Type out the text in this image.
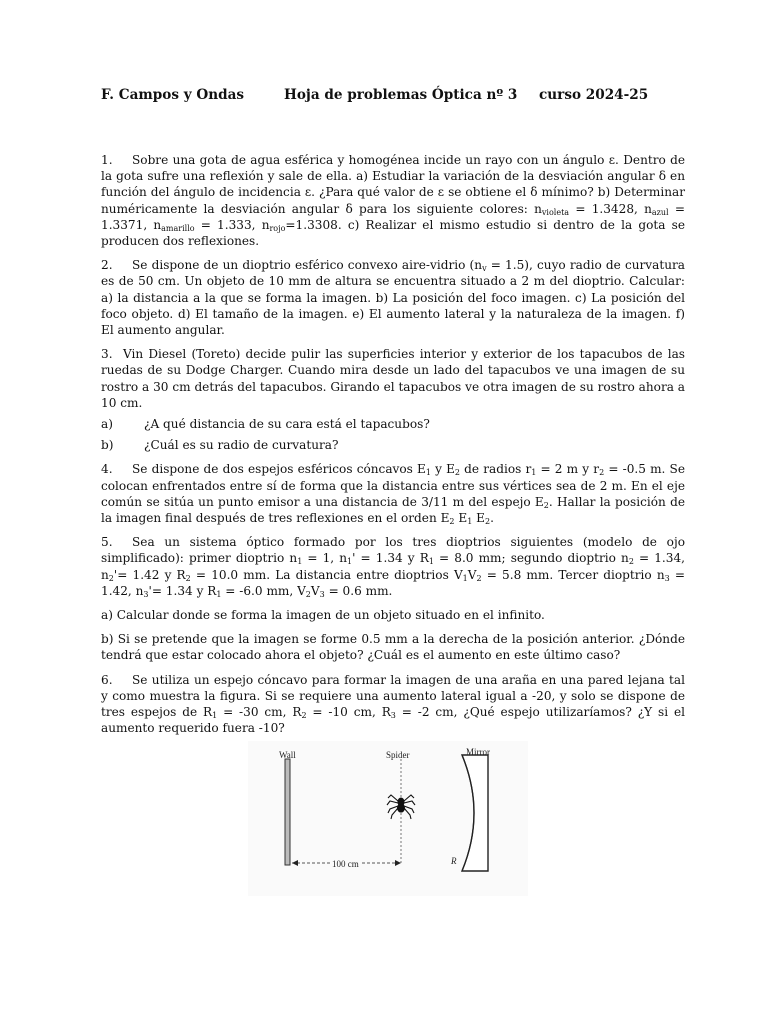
F. Campos y Ondas	Hoja de problemas Óptica nº 3 curso 2024-25

1. Sobre una gota de agua esférica y homogénea incide un rayo con un ángulo ε. Dentro de la gota sufre una reflexión y sale de ella. a) Estudiar la variación de la desviación angular δ en función del ángulo de incidencia ε. ¿Para qué valor de ε se obtiene el δ mínimo? b) Determinar numéricamente la desviación angular δ para los siguiente colores: $n_{violeta} = 1.3428$, $n_{azul} = 1.3371$, $n_{amarillo} = 1.333$, $n_{rojo}=1.3308$. c) Realizar el mismo estudio si dentro de la gota se producen dos reflexiones.

2. Se dispone de un dioptrio esférico convexo aire-vidrio $(n_v = 1.5)$, cuyo radio de curvatura es de 50 cm. Un objeto de 10 mm de altura se encuentra situado a 2 m del dioptrio. Calcular: a) la distancia a la que se forma la imagen. b) La posición del foco imagen. c) La posición del foco objeto. d) El tamaño de la imagen. e) El aumento lateral y la naturaleza de la imagen. f) El aumento angular.

3. Vin Diesel (Toreto) decide pulir las superficies interior y exterior de los tapacubos de las ruedas de su Dodge Charger. Cuando mira desde un lado del tapacubos ve una imagen de su rostro a 30 cm detrás del tapacubos. Girando el tapacubos ve otra imagen de su rostro ahora a 10 cm.

a)	¿A qué distancia de su cara está el tapacubos?
b)	¿Cuál es su radio de curvatura?

4. Se dispone de dos espejos esféricos cóncavos $E_1$ y $E_2$ de radios $r_1 = 2$ m y $r_2 = -0.5$ m. Se colocan enfrentados entre sí de forma que la distancia entre sus vértices sea de 2 m. En el eje común se sitúa un punto emisor a una distancia de 3/11 m del espejo $E_2$. Hallar la posición de la imagen final después de tres reflexiones en el orden $E_2$ $E_1$ $E_2$.

5. Sea un sistema óptico formado por los tres dioptrios siguientes (modelo de ojo simplificado): primer dioptrio $n_1 = 1$, $n_1' = 1.34$ y $R_1 = 8.0$ mm; segundo dioptrio $n_2 = 1.34$, $n_2'= 1.42$ y $R_2 = 10.0$ mm. La distancia entre dioptrios $V_1V_2 = 5.8$ mm. Tercer dioptrio $n_3 = 1.42$, $n_3'= 1.34$ y $R_1 = -6.0$ mm, $V_2V_3 = 0.6$ mm.

a) Calcular donde se forma la imagen de un objeto situado en el infinito.

b) Si se pretende que la imagen se forme 0.5 mm a la derecha de la posición anterior. ¿Dónde tendrá que estar colocado ahora el objeto? ¿Cuál es el aumento en este último caso?

6. Se utiliza un espejo cóncavo para formar la imagen de una araña en una pared lejana tal y como muestra la figura. Si se requiere una aumento lateral igual a -20, y solo se dispone de tres espejos de $R_1 = -30$ cm, $R_2 = -10$ cm, $R_3 = -2$ cm, ¿Qué espejo utilizaríamos? ¿Y si el aumento requerido fuera -10?

Wall	Spider	Mirror
100 cm	R
